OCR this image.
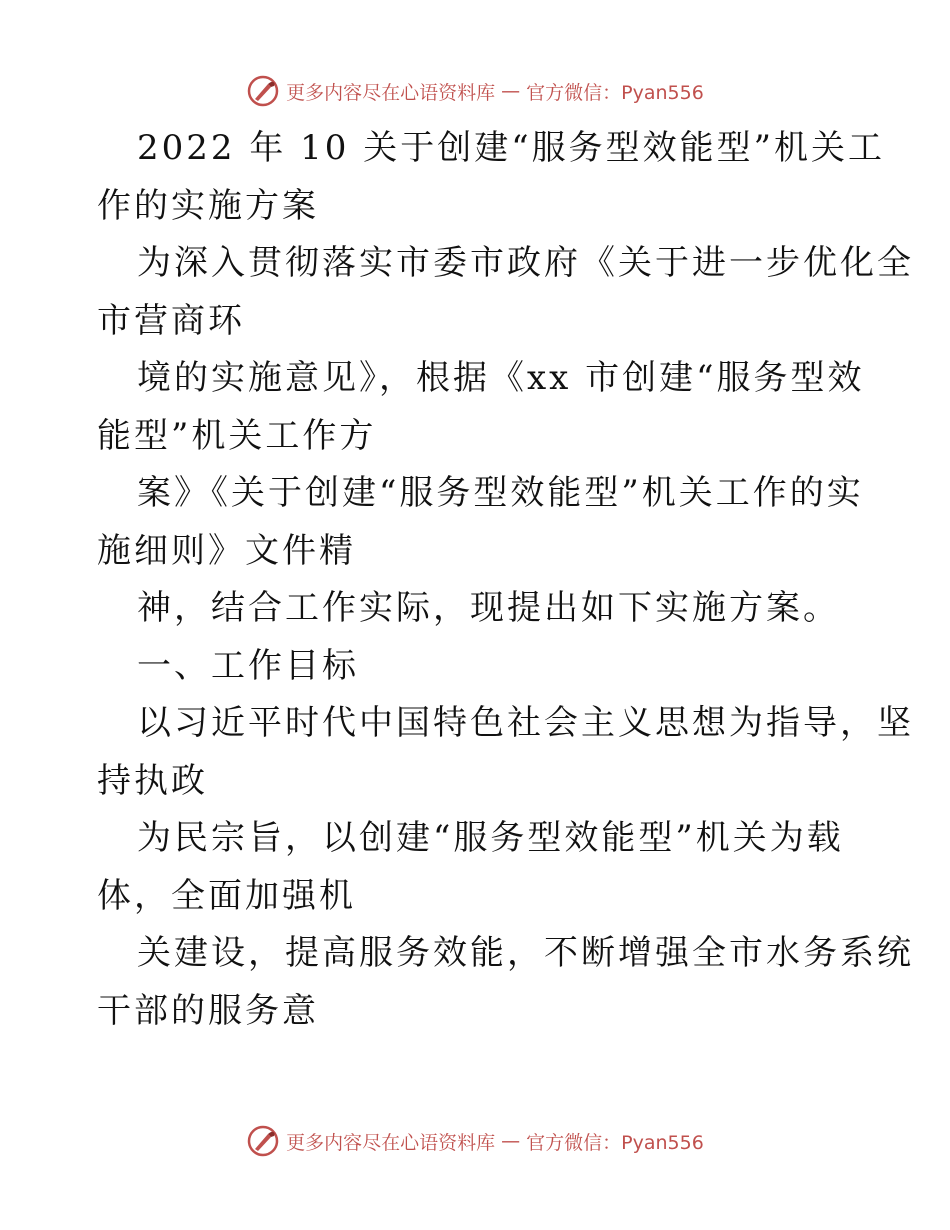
更多内容尽在心语资料库 — 官方微信：Pyan556
2022 年 10 关于创建“服务型效能型”机关工
作的实施方案
为深入贯彻落实市委市政府《关于进一步优化全
市营商环
境的实施意见》，根据《xx 市创建“服务型效
能型”机关工作方
案》《关于创建“服务型效能型”机关工作的实
施细则》文件精
神，结合工作实际，现提出如下实施方案。
一、工作目标
以习近平时代中国特色社会主义思想为指导，坚
持执政
为民宗旨，以创建“服务型效能型”机关为载
体，全面加强机
关建设，提高服务效能，不断增强全市水务系统
干部的服务意
更多内容尽在心语资料库 — 官方微信：Pyan556
